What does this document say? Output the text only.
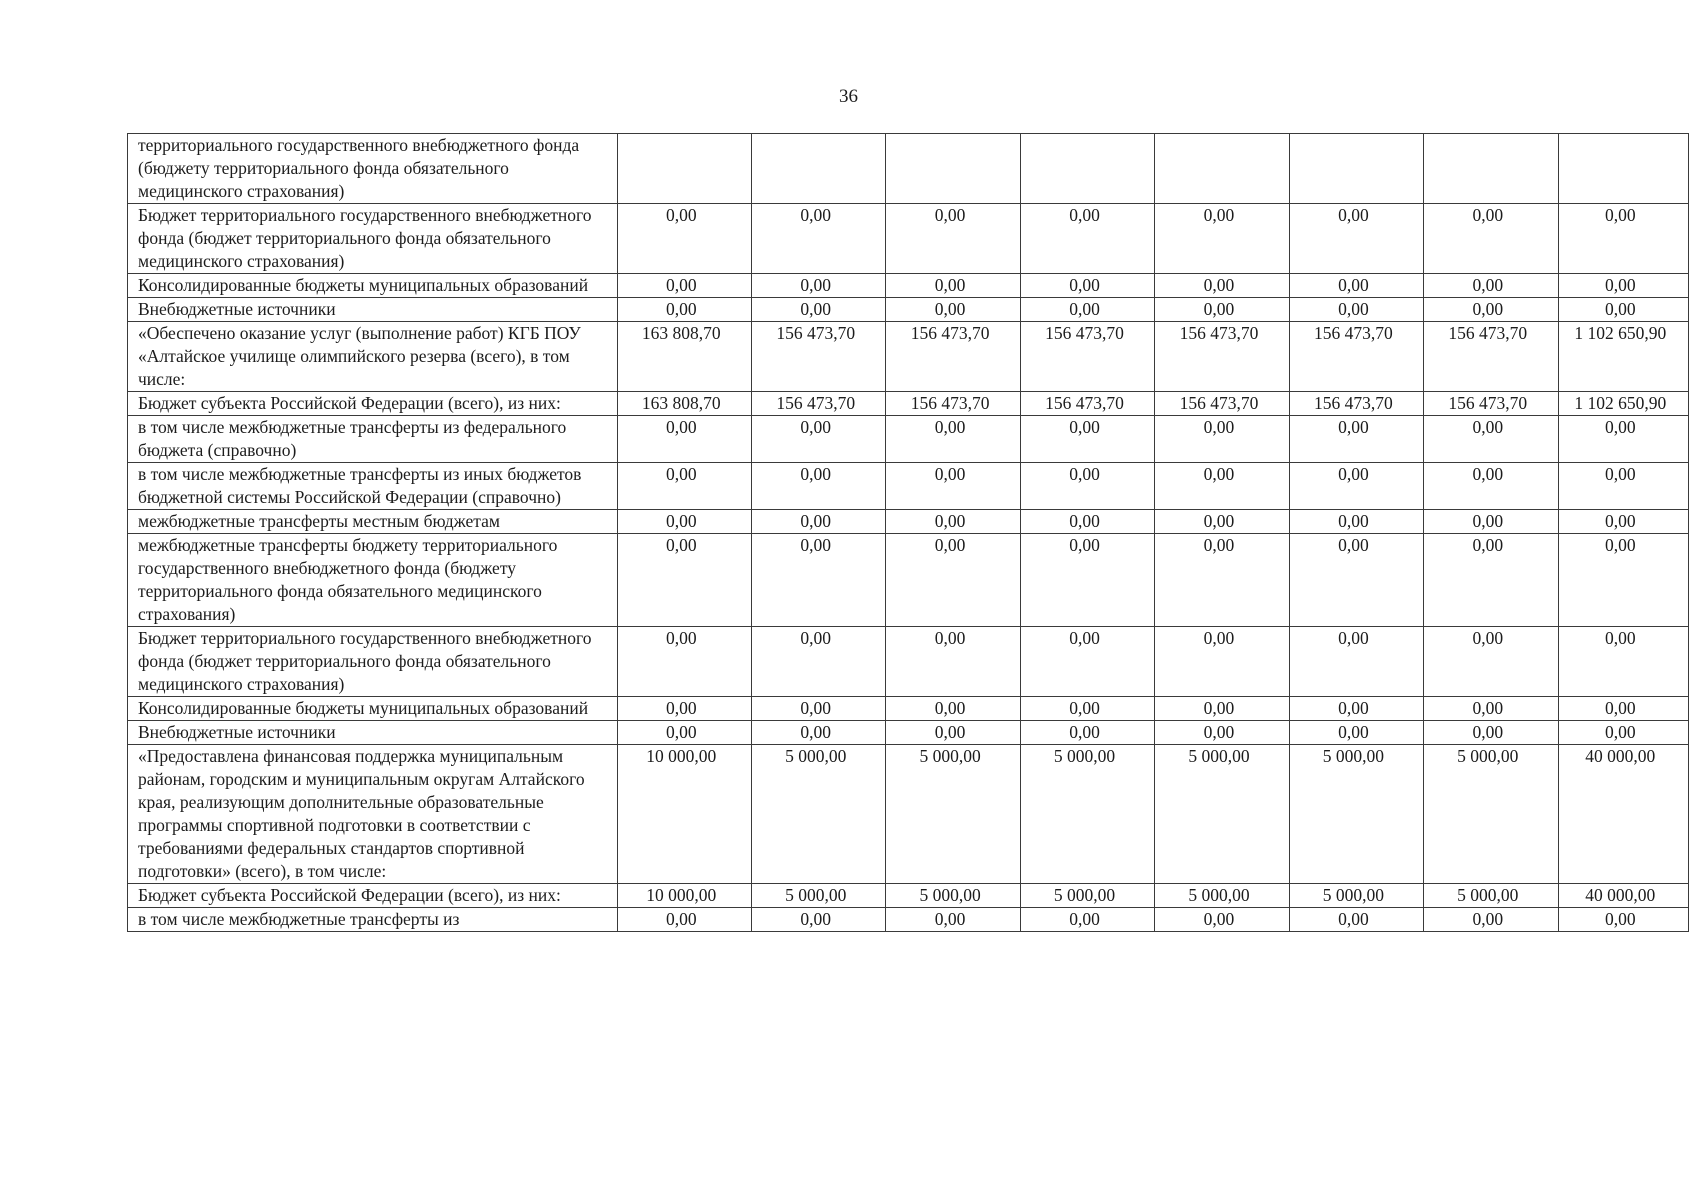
36
территориального государственного внебюджетного фонда (бюджету территориального фонда обязательного медицинского страхования)								
Бюджет территориального государственного внебюджетного фонда (бюджет территориального фонда обязательного медицинского страхования)	0,00	0,00	0,00	0,00	0,00	0,00	0,00	0,00
Консолидированные бюджеты муниципальных образований	0,00	0,00	0,00	0,00	0,00	0,00	0,00	0,00
Внебюджетные источники	0,00	0,00	0,00	0,00	0,00	0,00	0,00	0,00
«Обеспечено оказание услуг (выполнение работ) КГБ ПОУ «Алтайское училище олимпийского резерва (всего), в том числе:	163 808,70	156 473,70	156 473,70	156 473,70	156 473,70	156 473,70	156 473,70	1 102 650,90
Бюджет субъекта Российской Федерации (всего), из них:	163 808,70	156 473,70	156 473,70	156 473,70	156 473,70	156 473,70	156 473,70	1 102 650,90
в том числе межбюджетные трансферты из федерального бюджета (справочно)	0,00	0,00	0,00	0,00	0,00	0,00	0,00	0,00
в том числе межбюджетные трансферты из иных бюджетов бюджетной системы Российской Федерации (справочно)	0,00	0,00	0,00	0,00	0,00	0,00	0,00	0,00
межбюджетные трансферты местным бюджетам	0,00	0,00	0,00	0,00	0,00	0,00	0,00	0,00
межбюджетные трансферты бюджету территориального государственного внебюджетного фонда (бюджету территориального фонда обязательного медицинского страхования)	0,00	0,00	0,00	0,00	0,00	0,00	0,00	0,00
Бюджет территориального государственного внебюджетного фонда (бюджет территориального фонда обязательного медицинского страхования)	0,00	0,00	0,00	0,00	0,00	0,00	0,00	0,00
Консолидированные бюджеты муниципальных образований	0,00	0,00	0,00	0,00	0,00	0,00	0,00	0,00
Внебюджетные источники	0,00	0,00	0,00	0,00	0,00	0,00	0,00	0,00
«Предоставлена финансовая поддержка муниципальным районам, городским и муниципальным округам Алтайского края, реализующим дополнительные образовательные программы спортивной подготовки в соответствии с требованиями федеральных стандартов спортивной подготовки» (всего), в том числе:	10 000,00	5 000,00	5 000,00	5 000,00	5 000,00	5 000,00	5 000,00	40 000,00
Бюджет субъекта Российской Федерации (всего), из них:	10 000,00	5 000,00	5 000,00	5 000,00	5 000,00	5 000,00	5 000,00	40 000,00
в том числе межбюджетные трансферты из	0,00	0,00	0,00	0,00	0,00	0,00	0,00	0,00
